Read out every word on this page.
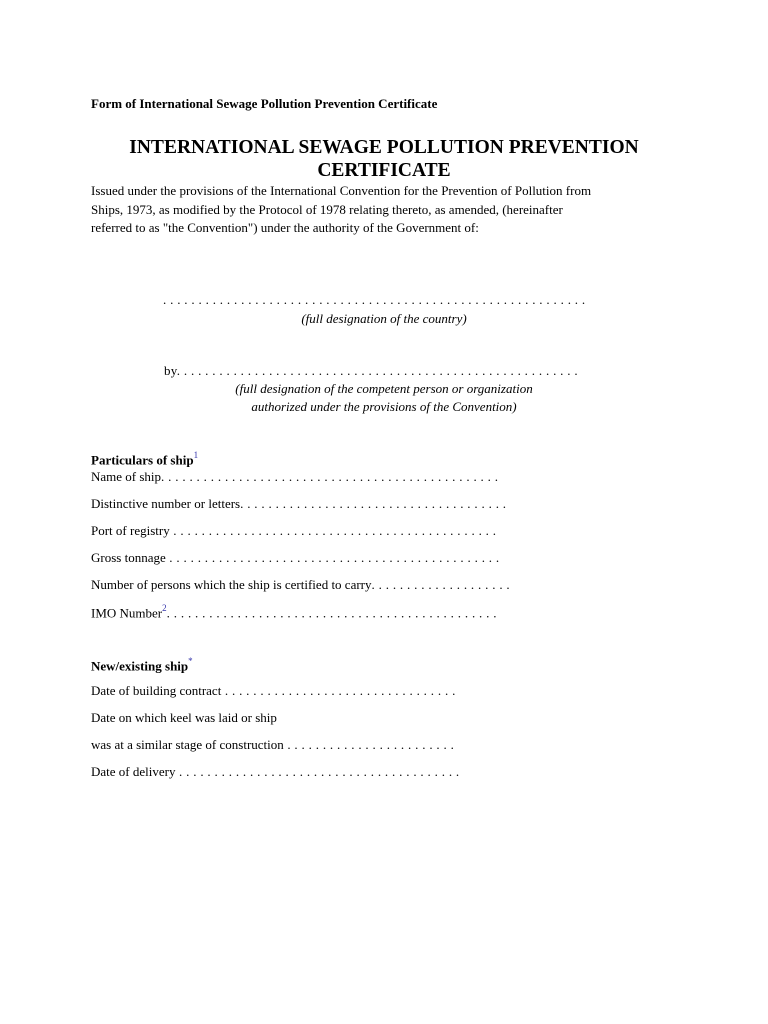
Form of International Sewage Pollution Prevention Certificate
INTERNATIONAL SEWAGE POLLUTION PREVENTION
CERTIFICATE
Issued under the provisions of the International Convention for the Prevention of Pollution from
Ships, 1973, as modified by the Protocol of 1978 relating thereto, as amended, (hereinafter
referred to as "the Convention") under the authority of the Government of:
. . . . . . . . . . . . . . . . . . . . . . . . . . . . . . . . . . . . . . . . . . . . . . . . . . . . . . . . . . . .
(full designation of the country)
by. . . . . . . . . . . . . . . . . . . . . . . . . . . . . . . . . . . . . . . . . . . . . . . . . . . . . . . . .
(full designation of the competent person or organization
authorized under the provisions of the Convention)
Particulars of ship$^1$
Name of ship. . . . . . . . . . . . . . . . . . . . . . . . . . . . . . . . . . . . . . . . . . . . . . . .
Distinctive number or letters. . . . . . . . . . . . . . . . . . . . . . . . . . . . . . . . . . . . . .
Port of registry . . . . . . . . . . . . . . . . . . . . . . . . . . . . . . . . . . . . . . . . . . . . . .
Gross tonnage . . . . . . . . . . . . . . . . . . . . . . . . . . . . . . . . . . . . . . . . . . . . . . .
Number of persons which the ship is certified to carry. . . . . . . . . . . . . . . . . . . .
IMO Number$^2$. . . . . . . . . . . . . . . . . . . . . . . . . . . . . . . . . . . . . . . . . . . . . . .
New/existing ship*
Date of building contract . . . . . . . . . . . . . . . . . . . . . . . . . . . . . . . . .
Date on which keel was laid or ship
was at a similar stage of construction . . . . . . . . . . . . . . . . . . . . . . . .
Date of delivery . . . . . . . . . . . . . . . . . . . . . . . . . . . . . . . . . . . . . . . .
